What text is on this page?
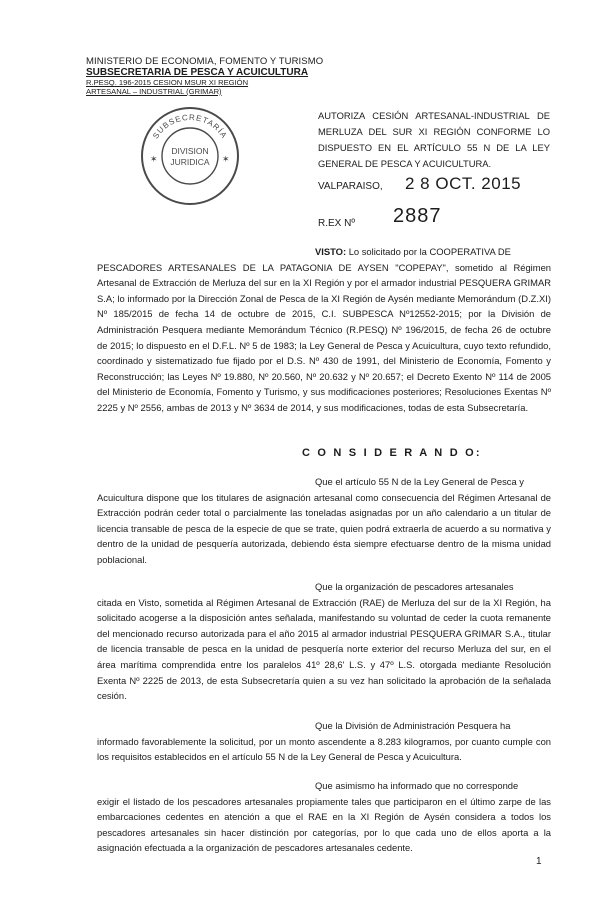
MINISTERIO DE ECONOMIA, FOMENTO Y TURISMO
SUBSECRETARIA DE PESCA Y ACUICULTURA
R.PESQ. 196-2015 CESION MSUR XI REGIÓN
ARTESANAL – INDUSTRIAL (GRIMAR)
SUBSECRETARÍA
DIVISION
JURIDICA
✶	✶
AUTORIZA CESIÓN ARTESANAL-INDUSTRIAL DE MERLUZA DEL SUR XI REGIÓN CONFORME LO DISPUESTO EN EL ARTÍCULO 55 N DE LA LEY GENERAL DE PESCA Y ACUICULTURA.
VALPARAISO, 2 8 OCT. 2015
R.EX Nº 2887
VISTO: Lo solicitado por la COOPERATIVA DE
PESCADORES ARTESANALES DE LA PATAGONIA DE AYSEN "COPEPAY", sometido al Régimen Artesanal de Extracción de Merluza del sur en la XI Región y por el armador industrial PESQUERA GRIMAR S.A; lo informado por la Dirección Zonal de Pesca de la XI Región de Aysén mediante Memorándum (D.Z.XI) Nº 185/2015 de fecha 14 de octubre de 2015, C.I. SUBPESCA Nº12552-2015; por la División de Administración Pesquera mediante Memorándum Técnico (R.PESQ) Nº 196/2015, de fecha 26 de octubre de 2015; lo dispuesto en el D.F.L. Nº 5 de 1983; la Ley General de Pesca y Acuicultura, cuyo texto refundido, coordinado y sistematizado fue fijado por el D.S. Nº 430 de 1991, del Ministerio de Economía, Fomento y Reconstrucción; las Leyes Nº 19.880, Nº 20.560, Nº 20.632 y Nº 20.657; el Decreto Exento Nº 114 de 2005 del Ministerio de Economía, Fomento y Turismo, y sus modificaciones posteriores; Resoluciones Exentas Nº 2225 y Nº 2556, ambas de 2013 y Nº 3634 de 2014, y sus modificaciones, todas de esta Subsecretaría.
C O N S I D E R A N D O:
Que el artículo 55 N de la Ley General de Pesca y
Acuicultura dispone que los titulares de asignación artesanal como consecuencia del Régimen Artesanal de Extracción podrán ceder total o parcialmente las toneladas asignadas por un año calendario a un titular de licencia transable de pesca de la especie de que se trate, quien podrá extraerla de acuerdo a su normativa y dentro de la unidad de pesquería autorizada, debiendo ésta siempre efectuarse dentro de la misma unidad poblacional.
Que la organización de pescadores artesanales
citada en Visto, sometida al Régimen Artesanal de Extracción (RAE) de Merluza del sur de la XI Región, ha solicitado acogerse a la disposición antes señalada, manifestando su voluntad de ceder la cuota remanente del mencionado recurso autorizada para el año 2015 al armador industrial PESQUERA GRIMAR S.A., titular de licencia transable de pesca en la unidad de pesquería norte exterior del recurso Merluza del sur, en el área marítima comprendida entre los paralelos 41º 28,6' L.S. y 47º L.S. otorgada mediante Resolución Exenta Nº 2225 de 2013, de esta Subsecretaría quien a su vez han solicitado la aprobación de la señalada cesión.
Que la División de Administración Pesquera ha
informado favorablemente la solicitud, por un monto ascendente a 8.283 kilogramos, por cuanto cumple con los requisitos establecidos en el artículo 55 N de la Ley General de Pesca y Acuicultura.
Que asimismo ha informado que no corresponde
exigir el listado de los pescadores artesanales propiamente tales que participaron en el último zarpe de las embarcaciones cedentes en atención a que el RAE en la XI Región de Aysén considera a todos los pescadores artesanales sin hacer distinción por categorías, por lo que cada uno de ellos aporta a la asignación efectuada a la organización de pescadores artesanales cedente.
1
